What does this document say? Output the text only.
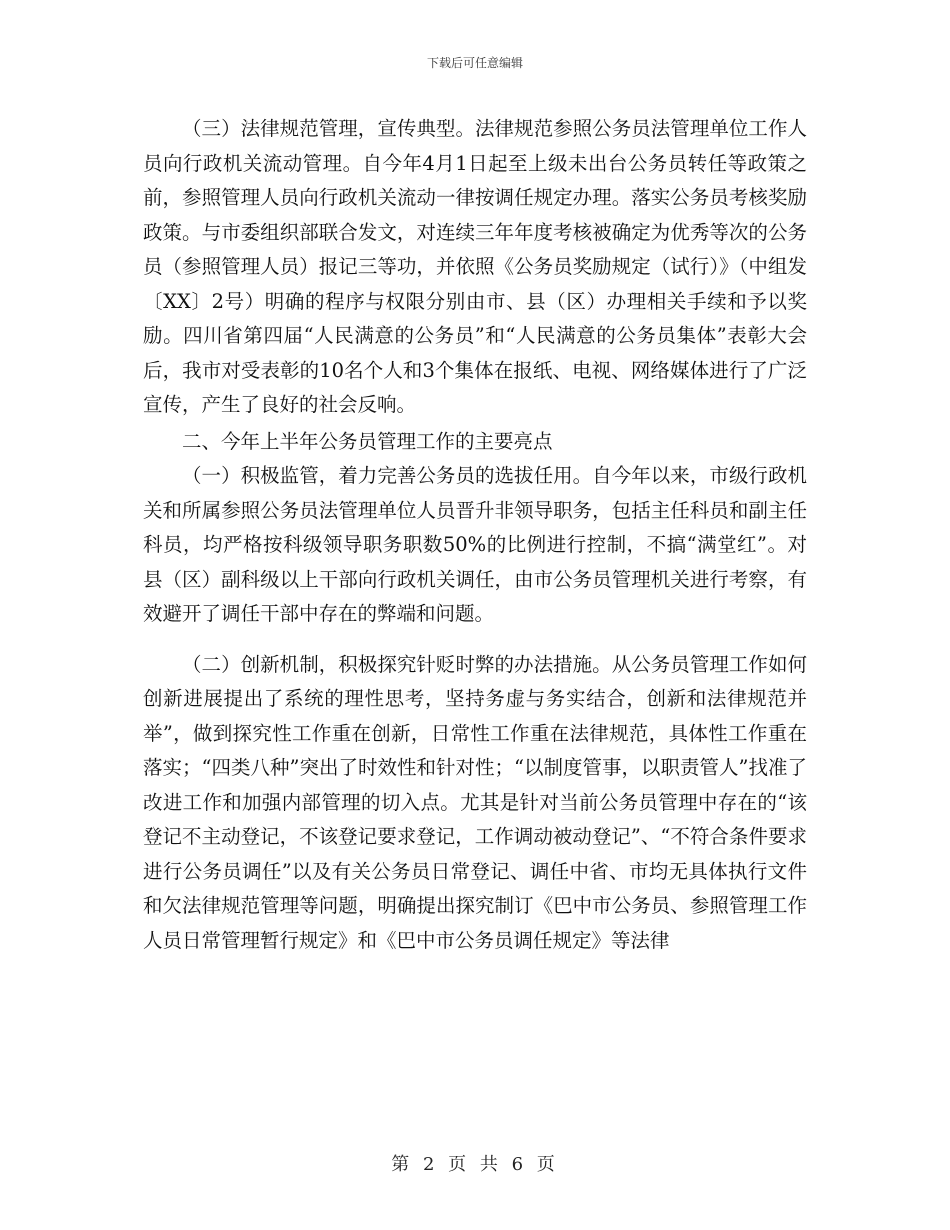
下载后可任意编辑

（三）法律规范管理，宣传典型。法律规范参照公务员法管理单位工作人员向行政机关流动管理。自今年4月1日起至上级未出台公务员转任等政策之前，参照管理人员向行政机关流动一律按调任规定办理。落实公务员考核奖励政策。与市委组织部联合发文，对连续三年年度考核被确定为优秀等次的公务员（参照管理人员）报记三等功，并依照《公务员奖励规定（试行）》（中组发〔XX〕2号）明确的程序与权限分别由市、县（区）办理相关手续和予以奖励。四川省第四届“人民满意的公务员”和“人民满意的公务员集体”表彰大会后，我市对受表彰的10名个人和3个集体在报纸、电视、网络媒体进行了广泛宣传，产生了良好的社会反响。

二、今年上半年公务员管理工作的主要亮点

（一）积极监管，着力完善公务员的选拔任用。自今年以来，市级行政机关和所属参照公务员法管理单位人员晋升非领导职务，包括主任科员和副主任科员，均严格按科级领导职务职数50%的比例进行控制，不搞“满堂红”。对县（区）副科级以上干部向行政机关调任，由市公务员管理机关进行考察，有效避开了调任干部中存在的弊端和问题。

（二）创新机制，积极探究针贬时弊的办法措施。从公务员管理工作如何创新进展提出了系统的理性思考，坚持务虚与务实结合，创新和法律规范并举”，做到探究性工作重在创新，日常性工作重在法律规范，具体性工作重在落实；“四类八种”突出了时效性和针对性；“以制度管事，以职责管人”找准了改进工作和加强内部管理的切入点。尤其是针对当前公务员管理中存在的“该登记不主动登记，不该登记要求登记，工作调动被动登记”、“不符合条件要求进行公务员调任”以及有关公务员日常登记、调任中省、市均无具体执行文件和欠法律规范管理等问题，明确提出探究制订《巴中市公务员、参照管理工作人员日常管理暂行规定》和《巴中市公务员调任规定》等法律

第 2 页 共 6 页
